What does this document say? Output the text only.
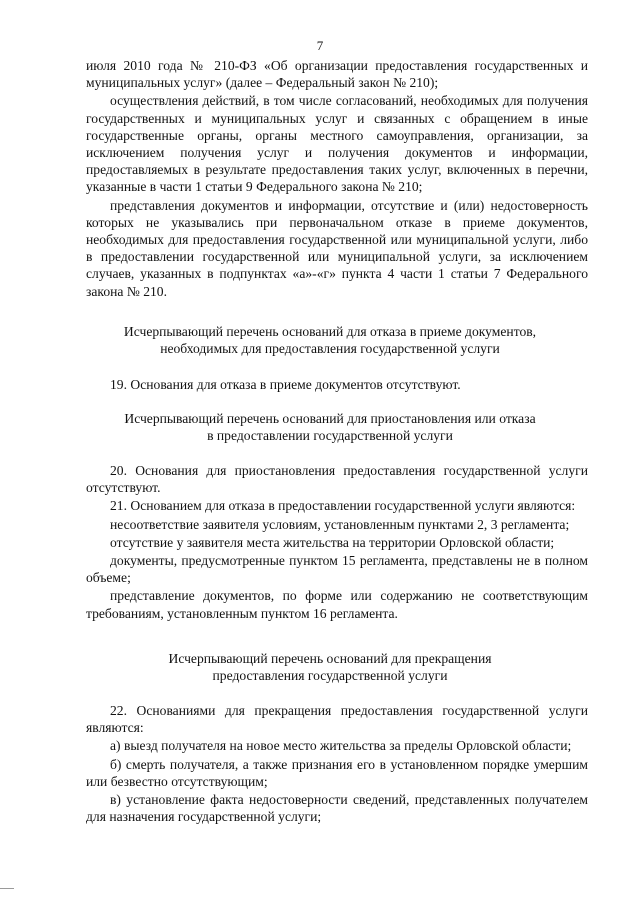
7

июля 2010 года № 210-ФЗ «Об организации предоставления государственных и муниципальных услуг» (далее – Федеральный закон № 210);

осуществления действий, в том числе согласований, необходимых для получения государственных и муниципальных услуг и связанных с обращением в иные государственные органы, органы местного самоуправления, организации, за исключением получения услуг и получения документов и информации, предоставляемых в результате предоставления таких услуг, включенных в перечни, указанные в части 1 статьи 9 Федерального закона № 210;

представления документов и информации, отсутствие и (или) недостоверность которых не указывались при первоначальном отказе в приеме документов, необходимых для предоставления государственной или муниципальной услуги, либо в предоставлении государственной или муниципальной услуги, за исключением случаев, указанных в подпунктах «а»-«г» пункта 4 части 1 статьи 7 Федерального закона № 210.

Исчерпывающий перечень оснований для отказа в приеме документов,

необходимых для предоставления государственной услуги

19. Основания для отказа в приеме документов отсутствуют.

Исчерпывающий перечень оснований для приостановления или отказа

в предоставлении государственной услуги

20. Основания для приостановления предоставления государственной услуги отсутствуют.

21. Основанием для отказа в предоставлении государственной услуги являются:

несоответствие заявителя условиям, установленным пунктами 2, 3 регламента;

отсутствие у заявителя места жительства на территории Орловской области;

документы, предусмотренные пунктом 15 регламента, представлены не в полном объеме;

представление документов, по форме или содержанию не соответствующим требованиям, установленным пунктом 16 регламента.

Исчерпывающий перечень оснований для прекращения

предоставления государственной услуги

22. Основаниями для прекращения предоставления государственной услуги являются:

а) выезд получателя на новое место жительства за пределы Орловской области;

б) смерть получателя, а также признания его в установленном порядке умершим или безвестно отсутствующим;

в) установление факта недостоверности сведений, представленных получателем для назначения государственной услуги;
